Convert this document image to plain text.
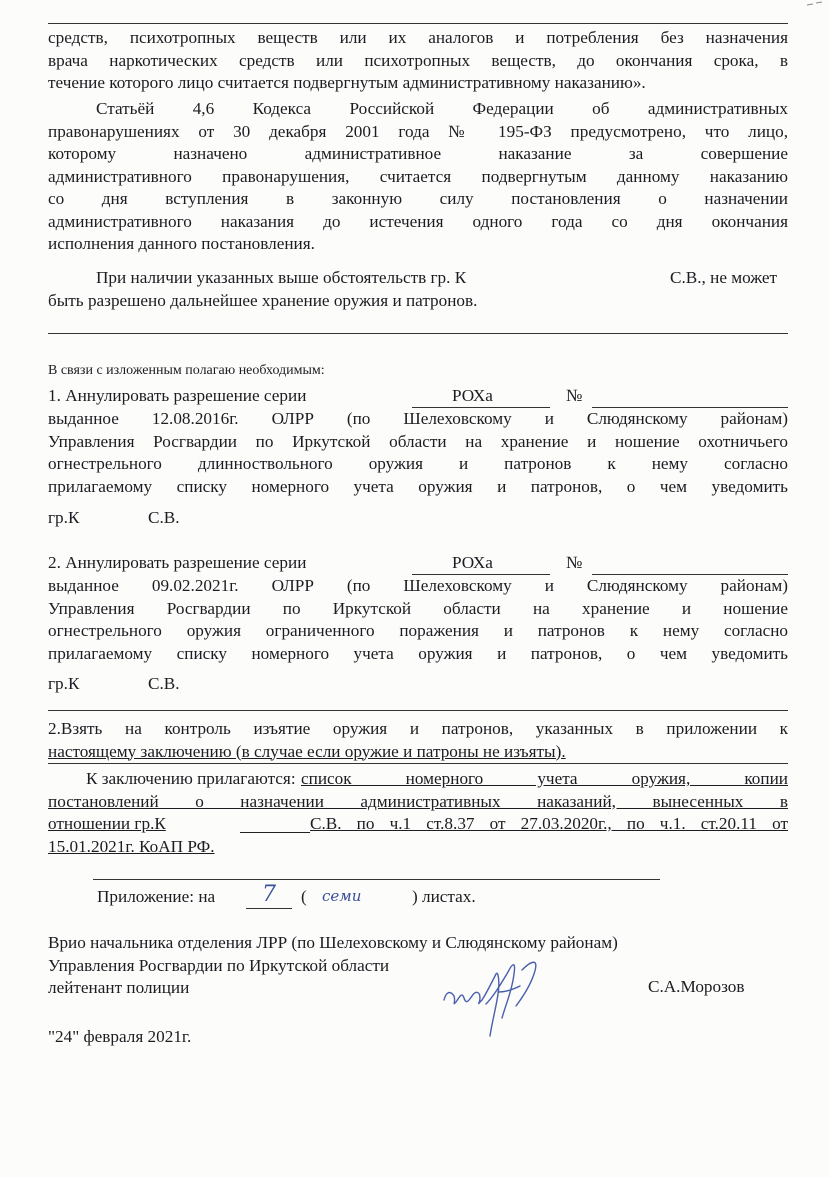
средств, психотропных веществ или их аналогов и потребления без назначения
врача наркотических средств или психотропных веществ, до окончания срока, в
течение которого лицо считается подвергнутым административному наказанию».
Статьёй 4,6 Кодекса Российской Федерации об административных
правонарушениях от 30 декабря 2001 года № 195-ФЗ предусмотрено, что лицо,
которому назначено административное наказание за совершение
административного правонарушения, считается подвергнутым данному наказанию
со дня вступления в законную силу постановления о назначении
административного наказания до истечения одного года со дня окончания
исполнения данного постановления.
При наличии указанных выше обстоятельств гр. К	С.В., не может
быть разрешено дальнейшее хранение оружия и патронов.
В связи с изложенным полагаю необходимым:
1. Аннулировать разрешение серии	РОХа	№
выданное 12.08.2016г. ОЛРР (по Шелеховскому и Слюдянскому районам)
Управления Росгвардии по Иркутской области на хранение и ношение охотничьего
огнестрельного длинноствольного оружия и патронов к нему согласно
прилагаемому списку номерного учета оружия и патронов, о чем уведомить
гр.К	С.В.
2. Аннулировать разрешение серии	РОХа	№
выданное 09.02.2021г. ОЛРР (по Шелеховскому и Слюдянскому районам)
Управления Росгвардии по Иркутской области на хранение и ношение
огнестрельного оружия ограниченного поражения и патронов к нему согласно
прилагаемому списку номерного учета оружия и патронов, о чем уведомить
гр.К	С.В.
2.Взять на контроль изъятие оружия и патронов, указанных в приложении к
настоящему заключению (в случае если оружие и патроны не изъяты).
К заключению прилагаются: список номерного учета оружия, копии
постановлений о назначении административных наказаний, вынесенных в
отношении гр.К	С.В. по ч.1 ст.8.37 от 27.03.2020г., по ч.1. ст.20.11 от
15.01.2021г. КоАП РФ.
Приложение: на 7 ( семи	) листах.
Врио начальника отделения ЛРР (по Шелеховскому и Слюдянскому районам)
Управления Росгвардии по Иркутской области
лейтенант полиции	С.А.Морозов
"24" февраля 2021г.
